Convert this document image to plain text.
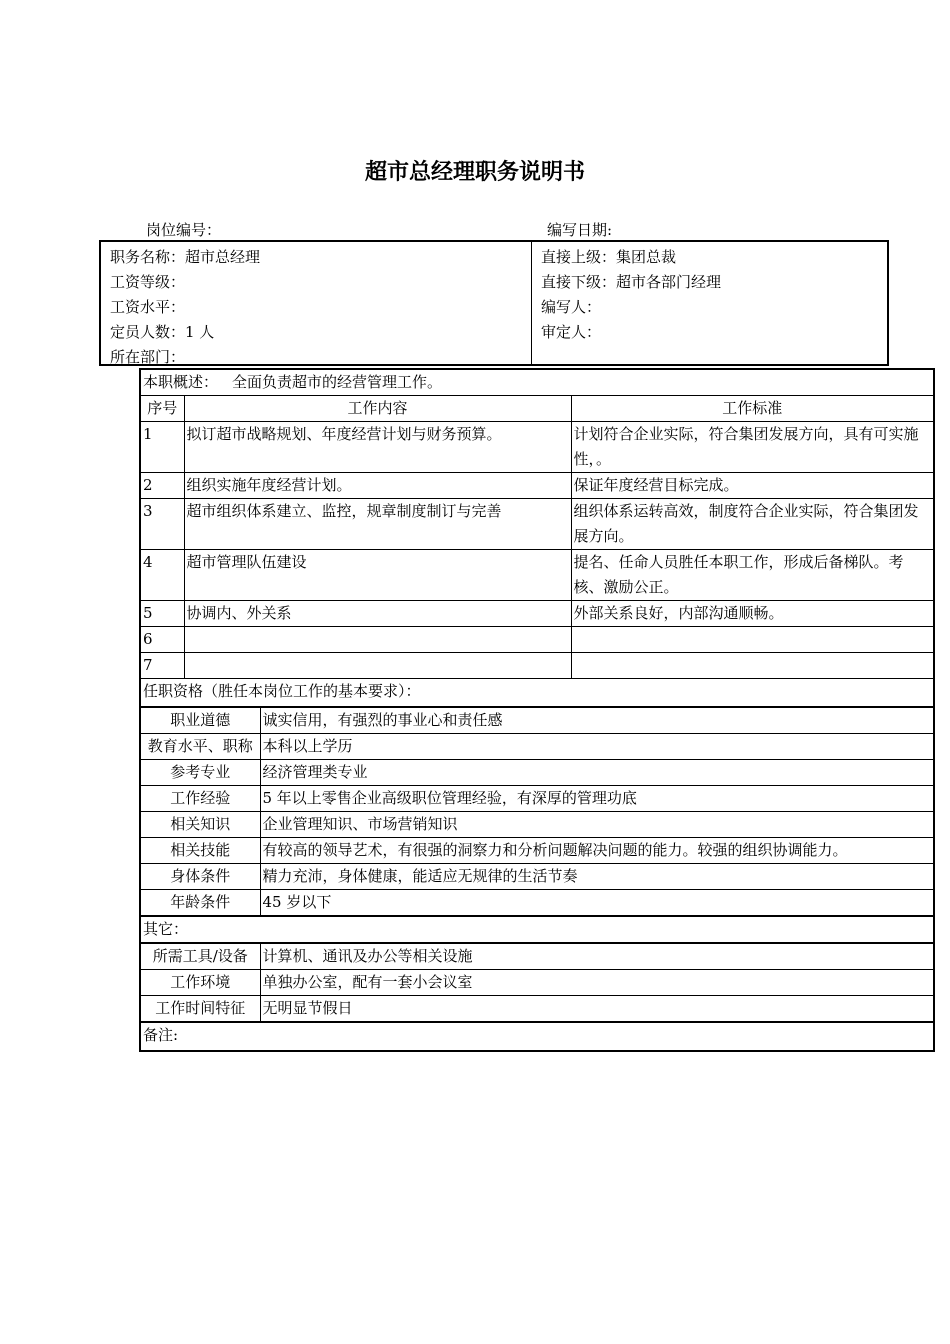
超市总经理职务说明书
岗位编号：	编写日期:
职务名称：超市总经理
工资等级：
工资水平：
定员人数：1 人
所在部门：
直接上级：集团总裁
直接下级：超市各部门经理
编写人：
审定人：
本职概述： 全面负责超市的经营管理工作。			
序号	工作内容		工作标准
1	拟订超市战略规划、年度经营计划与财务预算。		计划符合企业实际，符合集团发展方向，具有可实施性，。
2	组织实施年度经营计划。		保证年度经营目标完成。
3	超市组织体系建立、监控，规章制度制订与完善		组织体系运转高效，制度符合企业实际，符合集团发展方向。
4	超市管理队伍建设		提名、任命人员胜任本职工作，形成后备梯队。考核、激励公正。
5	协调内、外关系		外部关系良好，内部沟通顺畅。
6			
7			
任职资格（胜任本岗位工作的基本要求）：			
职业道德		诚实信用，有强烈的事业心和责任感	
教育水平、职称		本科以上学历	
参考专业		经济管理类专业	
工作经验		5 年以上零售企业高级职位管理经验，有深厚的管理功底	
相关知识		企业管理知识、市场营销知识	
相关技能		有较高的领导艺术，有很强的洞察力和分析问题解决问题的能力。较强的组织协调能力。	
身体条件		精力充沛，身体健康，能适应无规律的生活节奏	
年龄条件		45 岁以下	
其它：			
所需工具/设备		计算机、通讯及办公等相关设施	
工作环境		单独办公室，配有一套小会议室	
工作时间特征		无明显节假日	
备注:			
